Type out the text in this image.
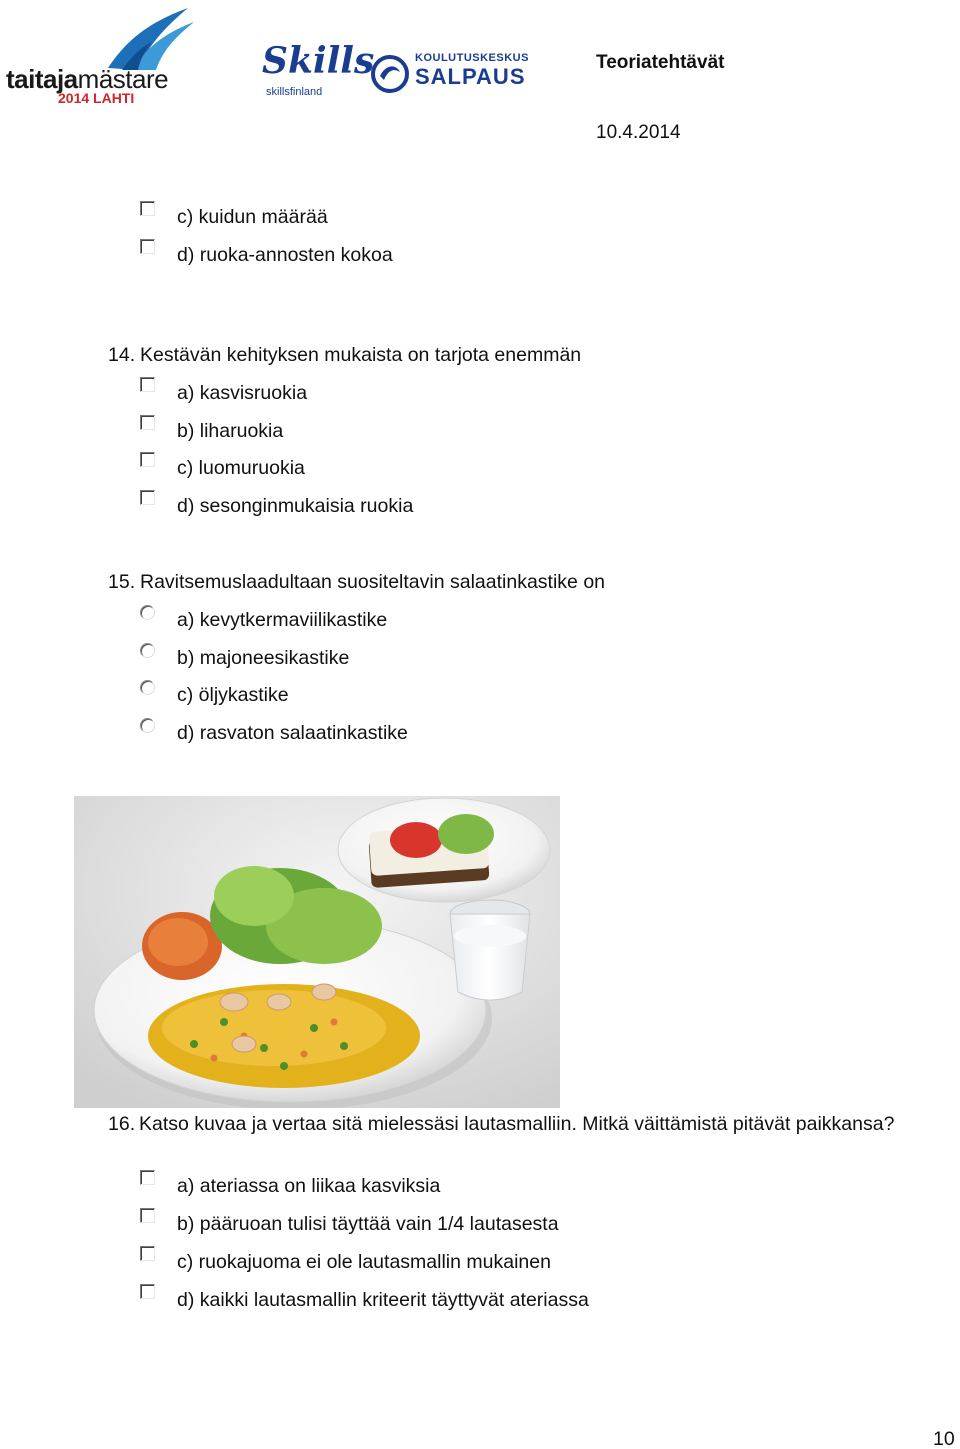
taitajamästare
2014 LAHTI
Skills
skillsfinland
KOULUTUSKESKUS
SALPAUS
Teoriatehtävät
10.4.2014
c) kuidun määrää
d) ruoka-annosten kokoa
14. Kestävän kehityksen mukaista on tarjota enemmän
a) kasvisruokia
b) liharuokia
c) luomuruokia
d) sesonginmukaisia ruokia
15. Ravitsemuslaadultaan suositeltavin salaatinkastike on
a) kevytkermaviilikastike
b) majoneesikastike
c) öljykastike
d) rasvaton salaatinkastike
16. Katso kuvaa ja vertaa sitä mielessäsi lautasmalliin. Mitkä väittämistä pitävät paikkansa?
a) ateriassa on liikaa kasviksia
b) pääruoan tulisi täyttää vain 1/4 lautasesta
c) ruokajuoma ei ole lautasmallin mukainen
d) kaikki lautasmallin kriteerit täyttyvät ateriassa
10
